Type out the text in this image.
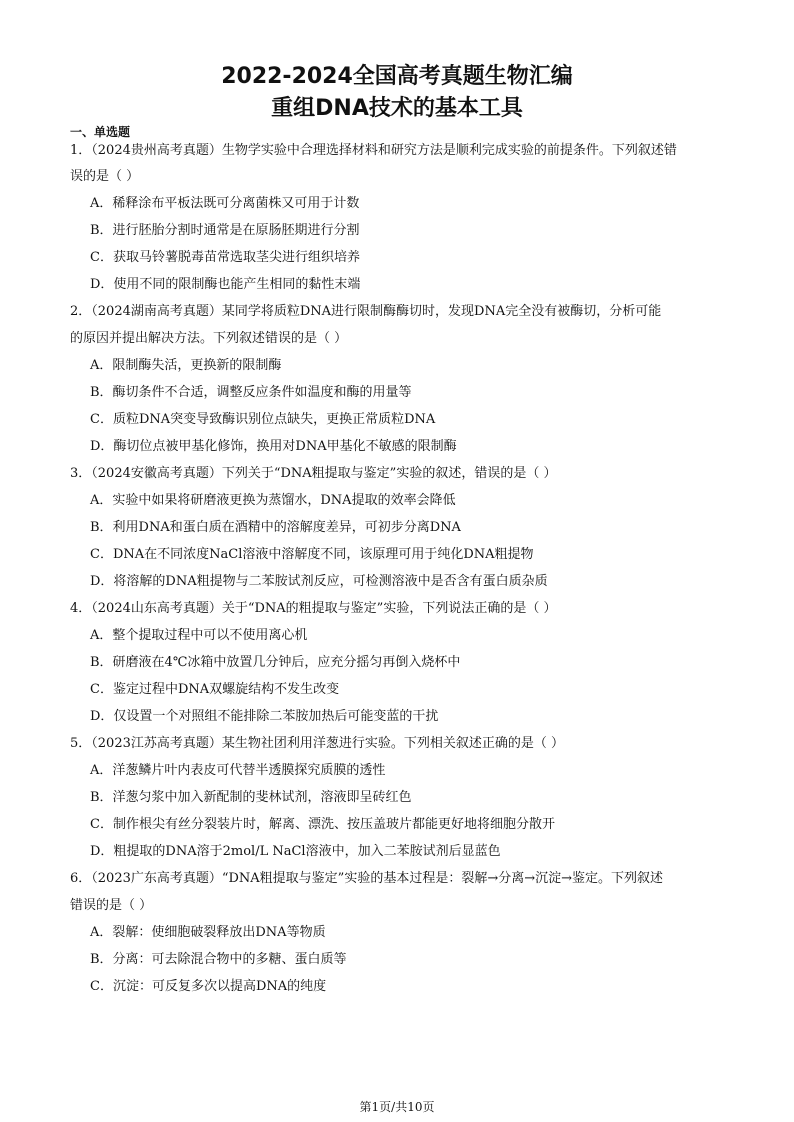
2022-2024全国高考真题生物汇编
重组DNA技术的基本工具
一、单选题
1．（2024贵州高考真题）生物学实验中合理选择材料和研究方法是顺利完成实验的前提条件。下列叙述错
误的是（ ）
A．稀释涂布平板法既可分离菌株又可用于计数
B．进行胚胎分割时通常是在原肠胚期进行分割
C．获取马铃薯脱毒苗常选取茎尖进行组织培养
D．使用不同的限制酶也能产生相同的黏性末端
2．（2024湖南高考真题）某同学将质粒DNA进行限制酶酶切时，发现DNA完全没有被酶切，分析可能
的原因并提出解决方法。下列叙述错误的是（ ）
A．限制酶失活，更换新的限制酶
B．酶切条件不合适，调整反应条件如温度和酶的用量等
C．质粒DNA突变导致酶识别位点缺失，更换正常质粒DNA
D．酶切位点被甲基化修饰，换用对DNA甲基化不敏感的限制酶
3．（2024安徽高考真题）下列关于“DNA粗提取与鉴定”实验的叙述，错误的是（ ）
A．实验中如果将研磨液更换为蒸馏水，DNA提取的效率会降低
B．利用DNA和蛋白质在酒精中的溶解度差异，可初步分离DNA
C．DNA在不同浓度NaCl溶液中溶解度不同，该原理可用于纯化DNA粗提物
D．将溶解的DNA粗提物与二苯胺试剂反应，可检测溶液中是否含有蛋白质杂质
4．（2024山东高考真题）关于“DNA的粗提取与鉴定”实验，下列说法正确的是（ ）
A．整个提取过程中可以不使用离心机
B．研磨液在4℃冰箱中放置几分钟后，应充分摇匀再倒入烧杯中
C．鉴定过程中DNA双螺旋结构不发生改变
D．仅设置一个对照组不能排除二苯胺加热后可能变蓝的干扰
5．（2023江苏高考真题）某生物社团利用洋葱进行实验。下列相关叙述正确的是（ ）
A．洋葱鳞片叶内表皮可代替半透膜探究质膜的透性
B．洋葱匀浆中加入新配制的斐林试剂，溶液即呈砖红色
C．制作根尖有丝分裂装片时，解离、漂洗、按压盖玻片都能更好地将细胞分散开
D．粗提取的DNA溶于2mol/L NaCl溶液中，加入二苯胺试剂后显蓝色
6．（2023广东高考真题）“DNA粗提取与鉴定”实验的基本过程是：裂解→分离→沉淀→鉴定。下列叙述
错误的是（ ）
A．裂解：使细胞破裂释放出DNA等物质
B．分离：可去除混合物中的多糖、蛋白质等
C．沉淀：可反复多次以提高DNA的纯度
第1页/共10页
